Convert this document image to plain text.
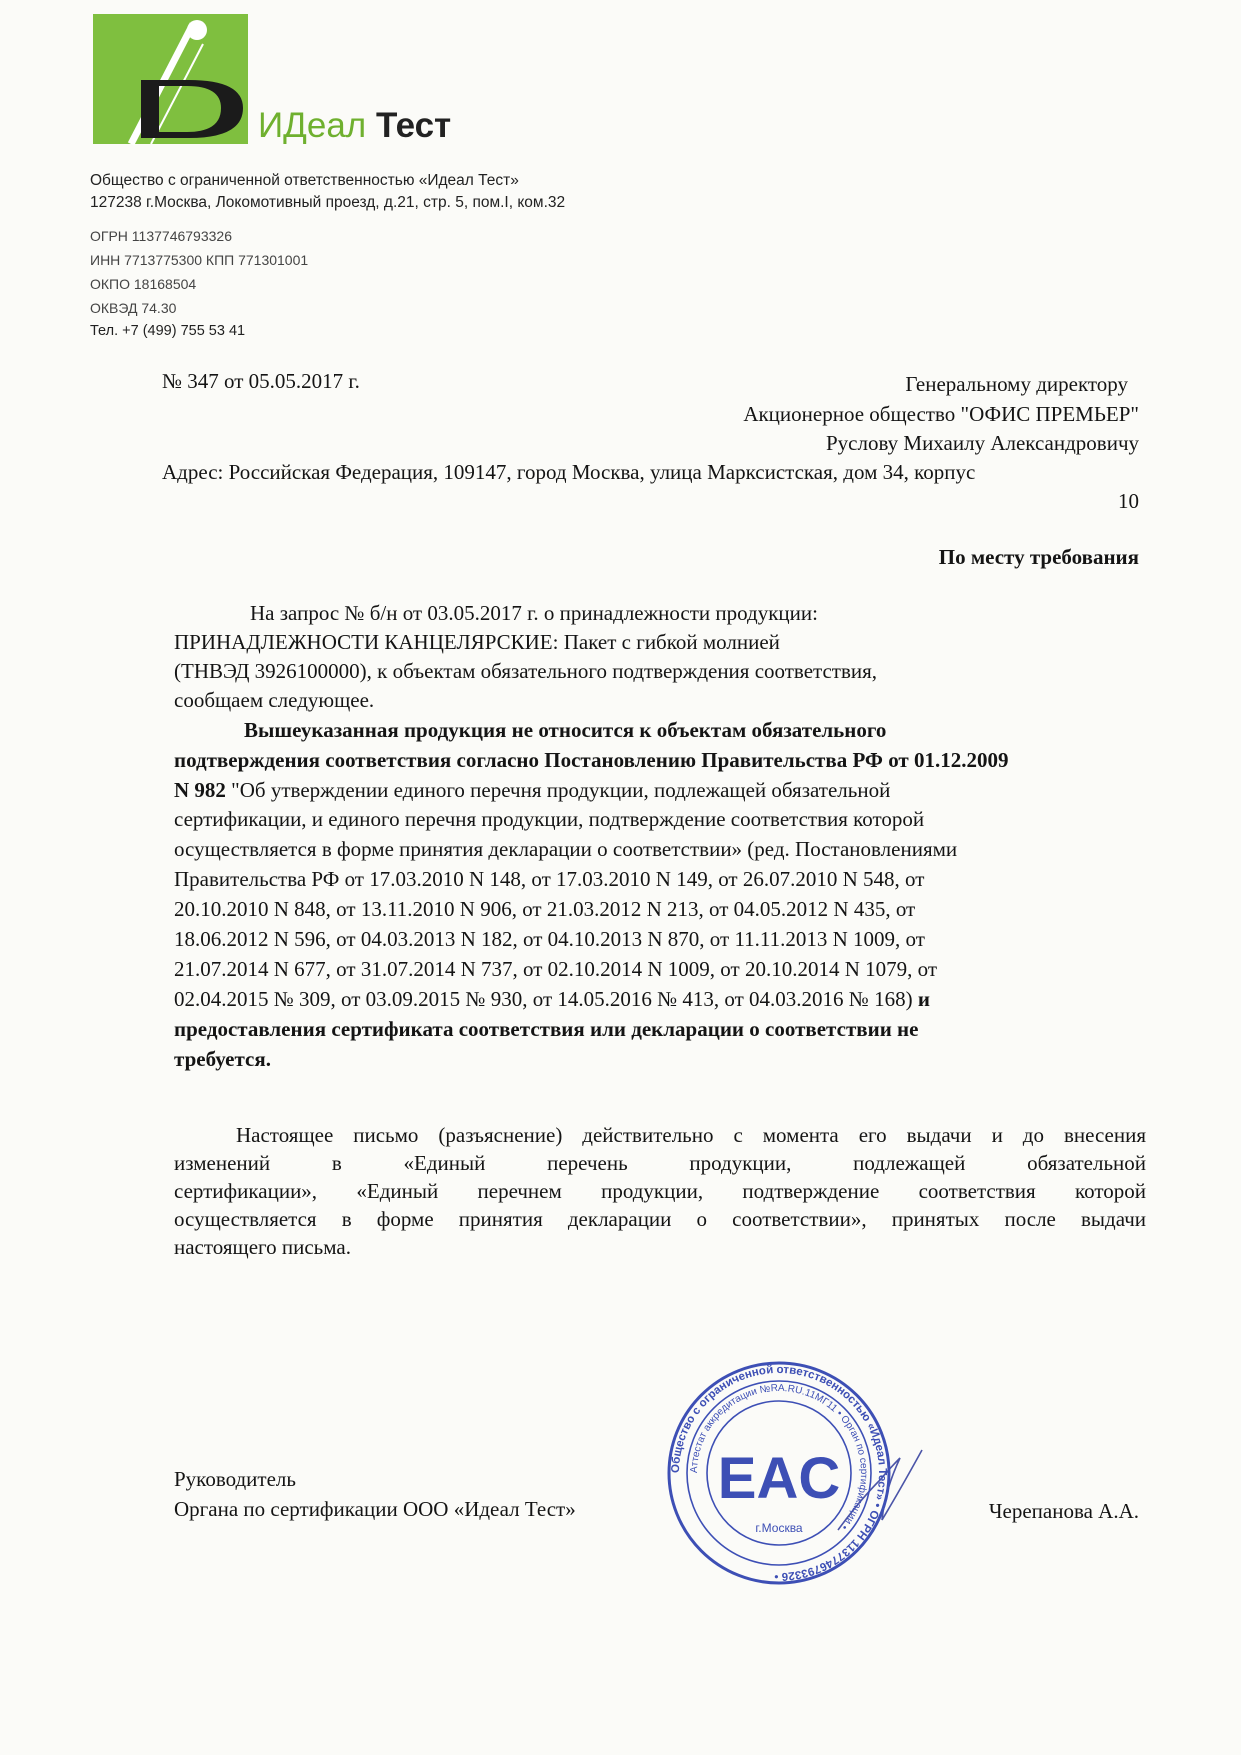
ИДеал Тест
Общество с ограниченной ответственностью «Идеал Тест»
127238 г.Москва, Локомотивный проезд, д.21, стр. 5, пом.I, ком.32
ОГРН 1137746793326
ИНН 7713775300 КПП 771301001
ОКПО 18168504
ОКВЭД 74.30
Тел. +7 (499) 755 53 41
№ 347 от 05.05.2017 г.	Генеральному директору
Акционерное общество "ОФИС ПРЕМЬЕР"
Руслову Михаилу Александровичу
Адрес: Российская Федерация, 109147, город Москва, улица Марксистская, дом 34, корпус
10
По месту требования
На запрос № б/н от 03.05.2017 г. о принадлежности продукции:
ПРИНАДЛЕЖНОСТИ КАНЦЕЛЯРСКИЕ: Пакет с гибкой молнией
(ТНВЭД 3926100000), к объектам обязательного подтверждения соответствия,
сообщаем следующее.
Вышеуказанная продукция не относится к объектам обязательного
подтверждения соответствия согласно Постановлению Правительства РФ от 01.12.2009
N 982 "Об утверждении единого перечня продукции, подлежащей обязательной
сертификации, и единого перечня продукции, подтверждение соответствия которой
осуществляется в форме принятия декларации о соответствии» (ред. Постановлениями
Правительства РФ от 17.03.2010 N 148, от 17.03.2010 N 149, от 26.07.2010 N 548, от
20.10.2010 N 848, от 13.11.2010 N 906, от 21.03.2012 N 213, от 04.05.2012 N 435, от
18.06.2012 N 596, от 04.03.2013 N 182, от 04.10.2013 N 870, от 11.11.2013 N 1009, от
21.07.2014 N 677, от 31.07.2014 N 737, от 02.10.2014 N 1009, от 20.10.2014 N 1079, от
02.04.2015 № 309, от 03.09.2015 № 930, от 14.05.2016 № 413, от 04.03.2016 № 168) и
предоставления сертификата соответствия или декларации о соответствии не
требуется.
Настоящее письмо (разъяснение) действительно с момента его выдачи и до внесения
изменений в «Единый перечень продукции, подлежащей обязательной
сертификации», «Единый перечнем продукции, подтверждение соответствия которой
осуществляется в форме принятия декларации о соответствии», принятых после выдачи
настоящего письма.
Руководитель
Органа по сертификации ООО «Идеал Тест»	Черепанова А.А.
Общество с ограниченной ответственностью «Идеал Тест» • ОГРН 1137746793326 •
Аттестат аккредитации №RA.RU.11МГ11 • Орган по сертификации •
г.Москва
EAC
